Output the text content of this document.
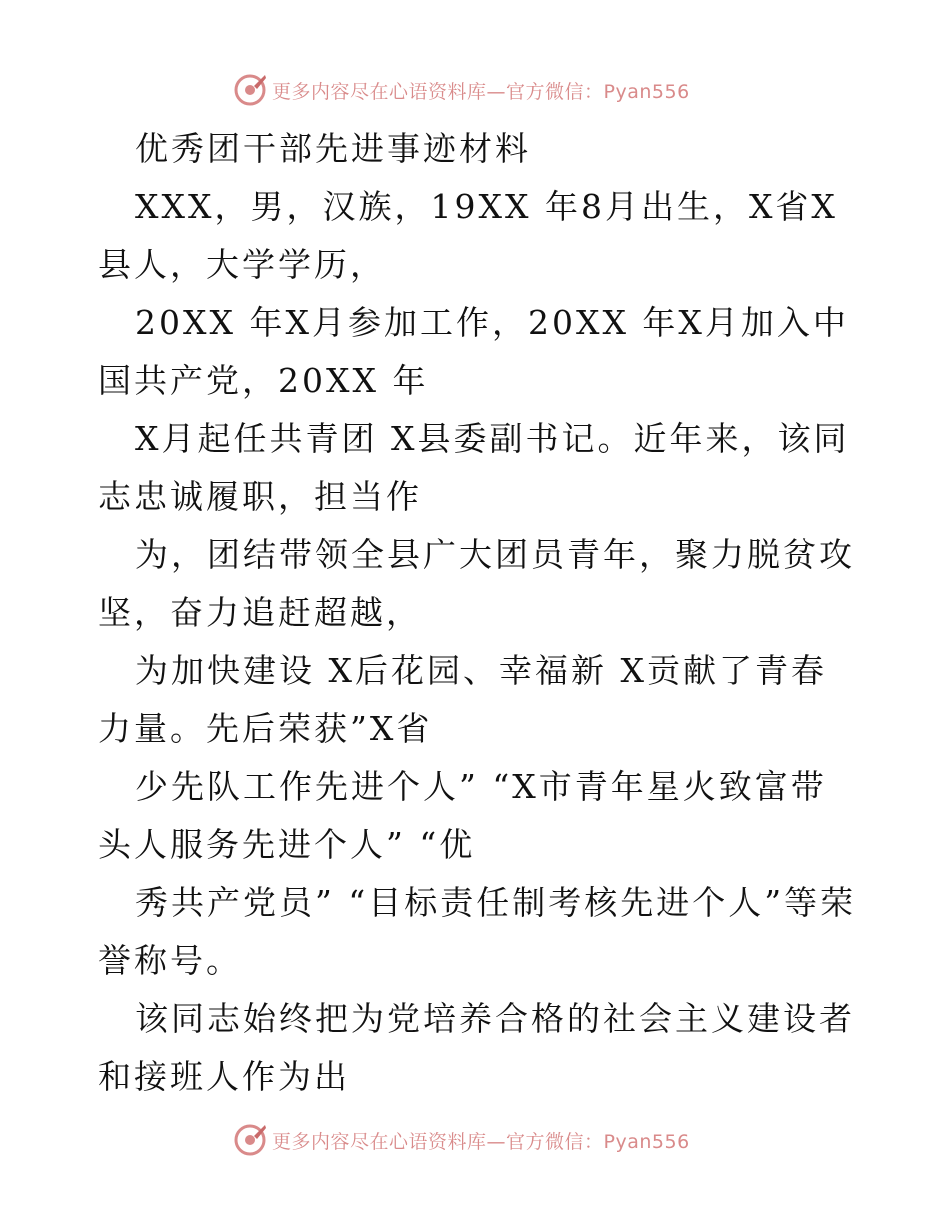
更多内容尽在心语资料库—官方微信：Pyan556

优秀团干部先进事迹材料

XXX，男，汉族，19XX 年8月出生，X省X县人，大学学历，

20XX 年X月参加工作，20XX 年X月加入中国共产党，20XX 年

X月起任共青团 X县委副书记。近年来，该同志忠诚履职，担当作

为，团结带领全县广大团员青年，聚力脱贫攻坚，奋力追赶超越，

为加快建设 X后花园、幸福新 X贡献了青春力量。先后荣获”X省

少先队工作先进个人” “X市青年星火致富带头人服务先进个人” “优

秀共产党员” “目标责任制考核先进个人”等荣誉称号。

该同志始终把为党培养合格的社会主义建设者和接班人作为出

更多内容尽在心语资料库—官方微信：Pyan556
